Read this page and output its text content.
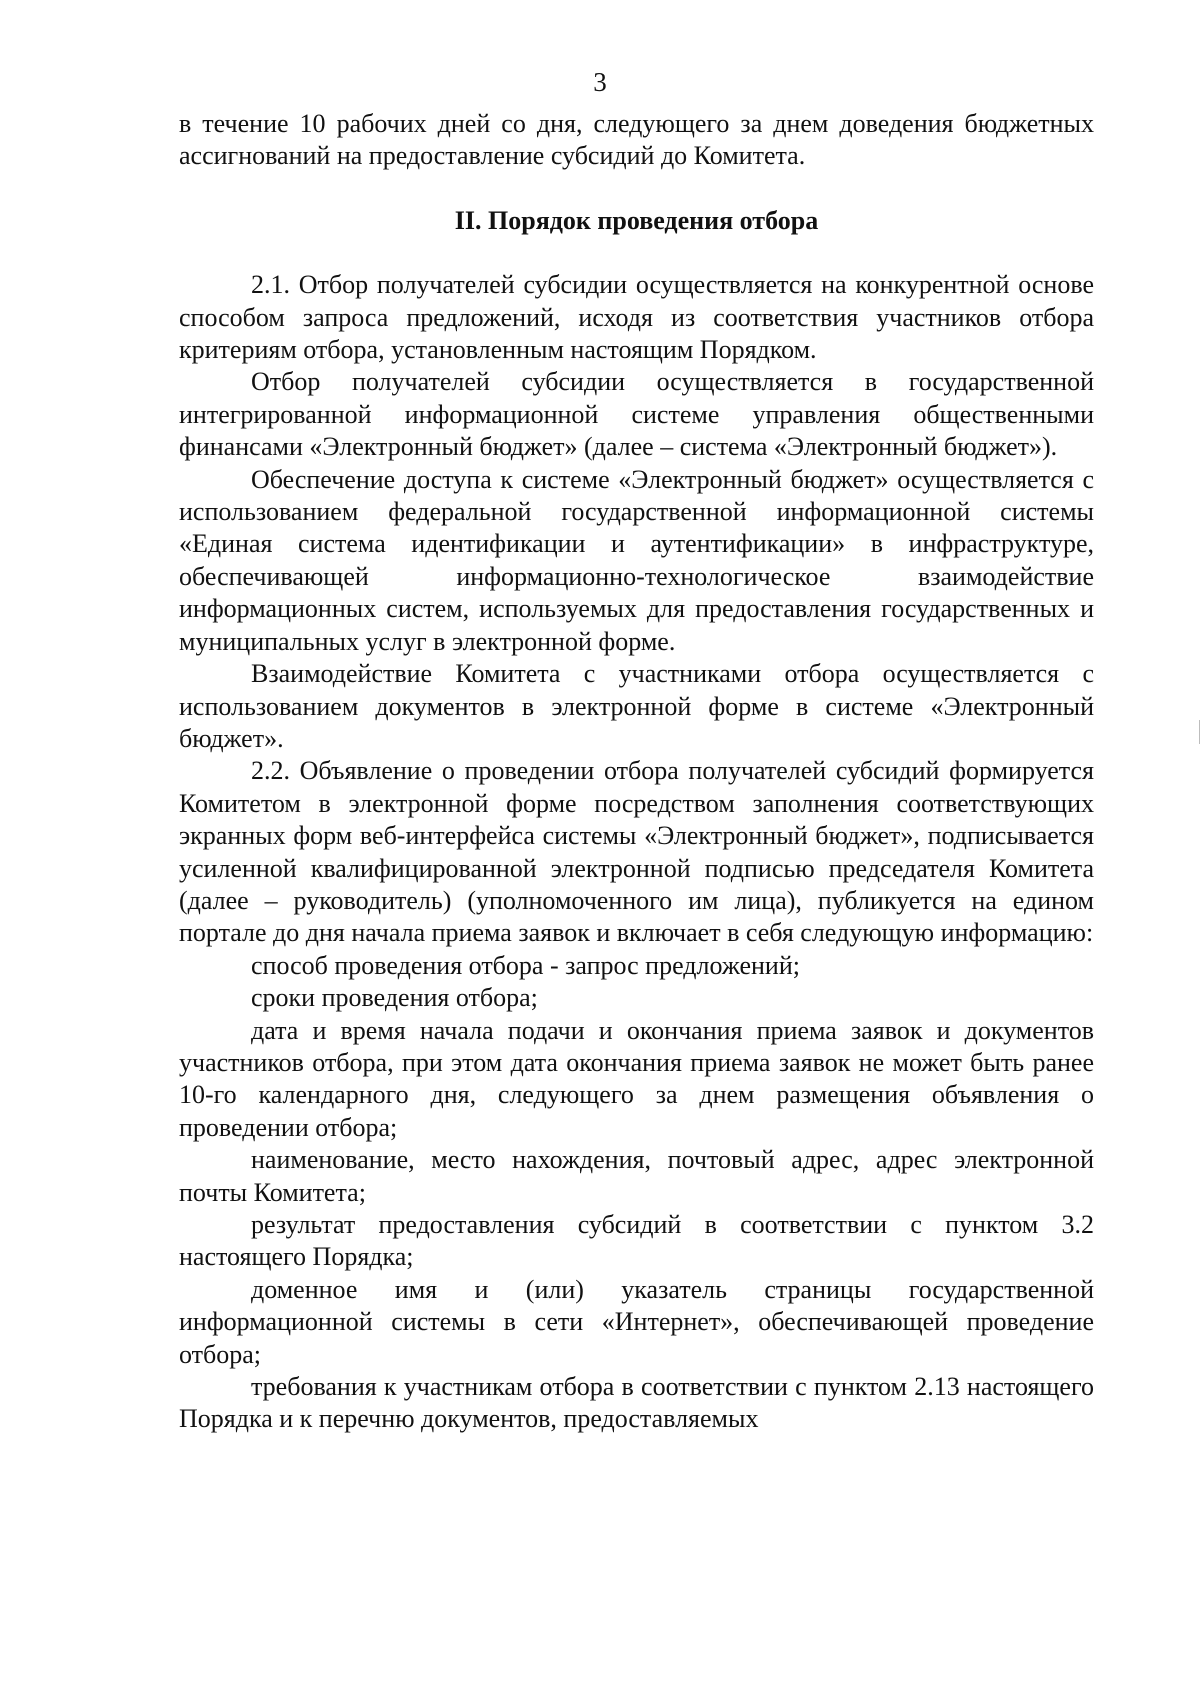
3

в течение 10 рабочих дней со дня, следующего за днем доведения бюджетных ассигнований на предоставление субсидий до Комитета.

II. Порядок проведения отбора

2.1. Отбор получателей субсидии осуществляется на конкурентной основе способом запроса предложений, исходя из соответствия участников отбора критериям отбора, установленным настоящим Порядком.

Отбор получателей субсидии осуществляется в государственной интегрированной информационной системе управления общественными финансами «Электронный бюджет» (далее – система «Электронный бюджет»).

Обеспечение доступа к системе «Электронный бюджет» осуществляется с использованием федеральной государственной информационной системы «Единая система идентификации и аутентификации» в инфраструктуре, обеспечивающей информационно-технологическое взаимодействие информационных систем, используемых для предоставления государственных и муниципальных услуг в электронной форме.

Взаимодействие Комитета с участниками отбора осуществляется с использованием документов в электронной форме в системе «Электронный бюджет».

2.2. Объявление о проведении отбора получателей субсидий формируется Комитетом в электронной форме посредством заполнения соответствующих экранных форм веб-интерфейса системы «Электронный бюджет», подписывается усиленной квалифицированной электронной подписью председателя Комитета (далее – руководитель) (уполномоченного им лица), публикуется на едином портале до дня начала приема заявок и включает в себя следующую информацию:

способ проведения отбора - запрос предложений;

сроки проведения отбора;

дата и время начала подачи и окончания приема заявок и документов участников отбора, при этом дата окончания приема заявок не может быть ранее 10-го календарного дня, следующего за днем размещения объявления о проведении отбора;

наименование, место нахождения, почтовый адрес, адрес электронной почты Комитета;

результат предоставления субсидий в соответствии с пунктом 3.2 настоящего Порядка;

доменное имя и (или) указатель страницы государственной информационной системы в сети «Интернет», обеспечивающей проведение отбора;

требования к участникам отбора в соответствии с пунктом 2.13 настоящего Порядка и к перечню документов, предоставляемых
